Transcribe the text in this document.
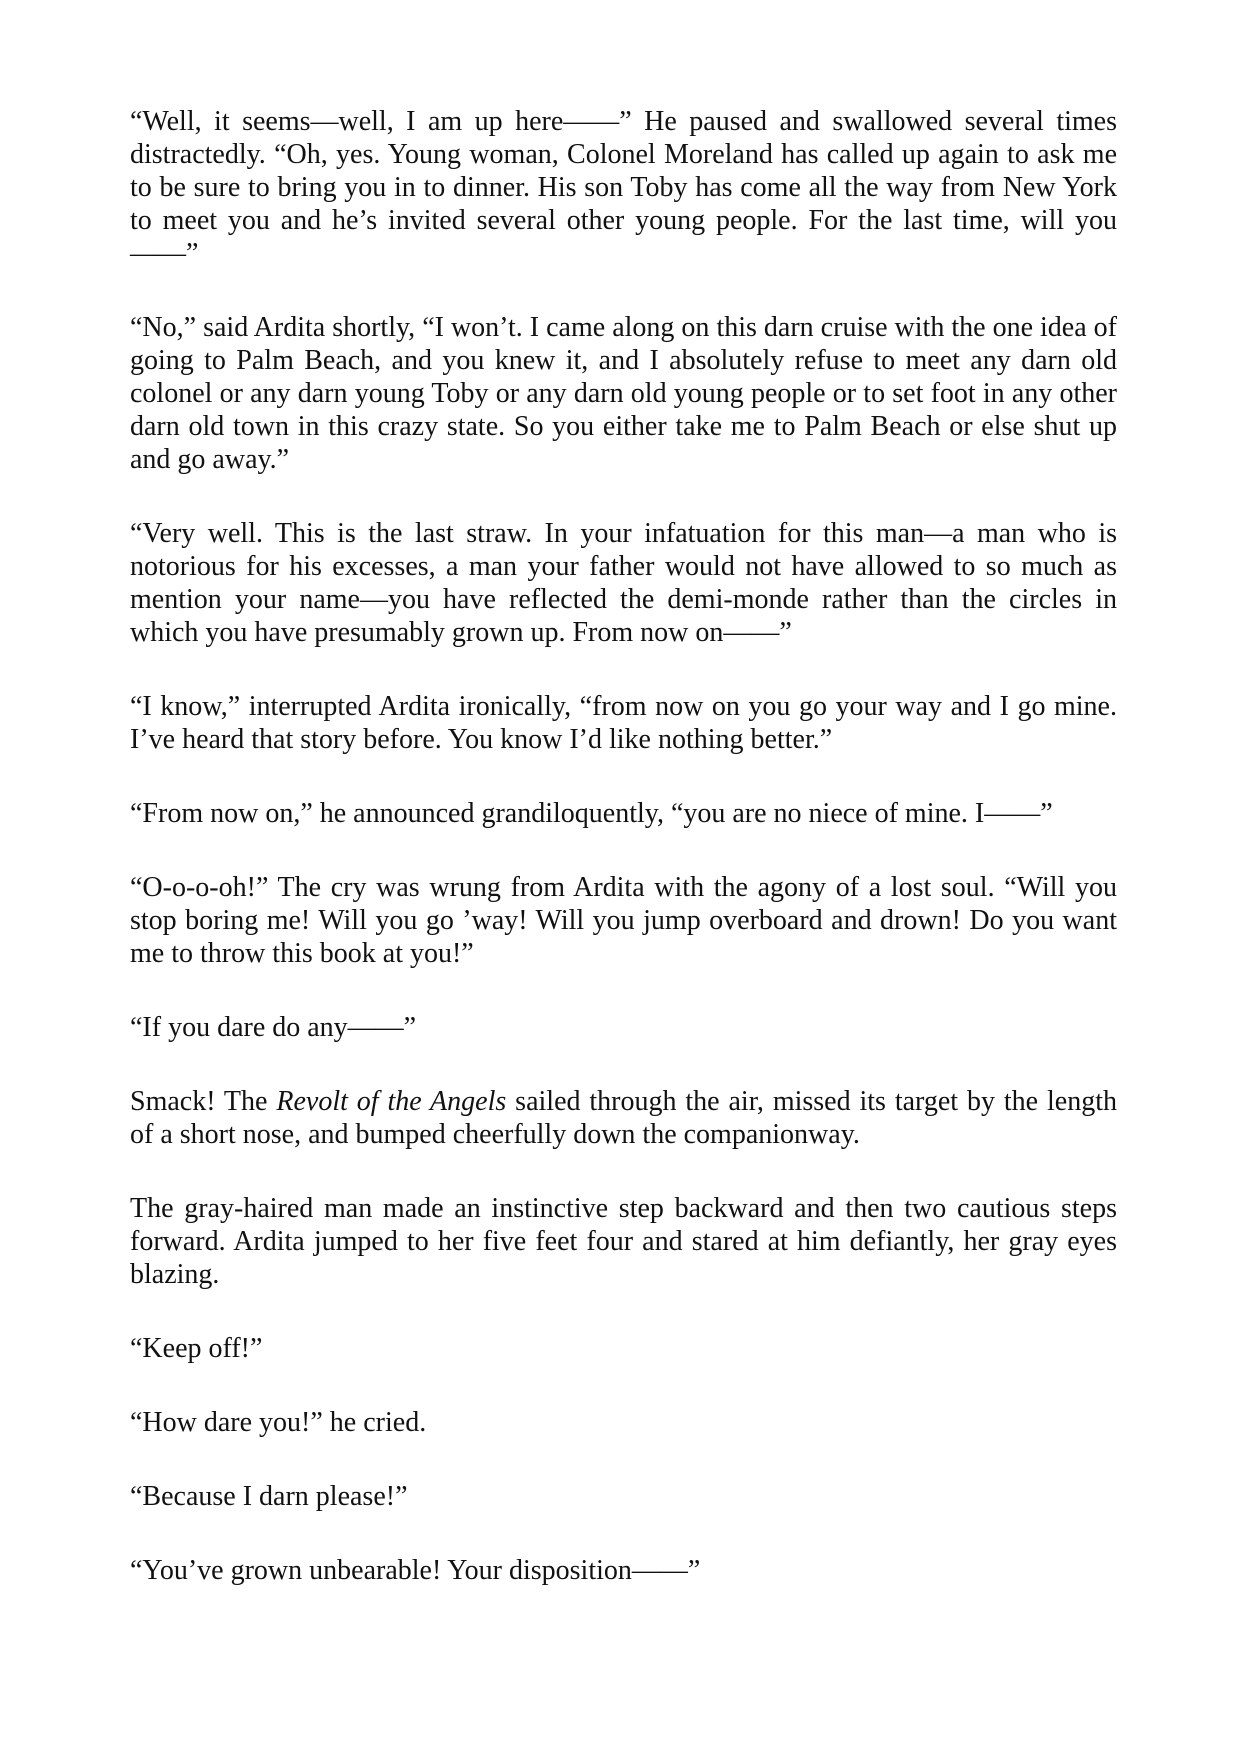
“Well, it seems—well, I am up here——” He paused and swallowed several times distractedly. “Oh, yes. Young woman, Colonel Moreland has called up again to ask me to be sure to bring you in to dinner. His son Toby has come all the way from New York to meet you and he’s invited several other young people. For the last time, will you——”

“No,” said Ardita shortly, “I won’t. I came along on this darn cruise with the one idea of going to Palm Beach, and you knew it, and I absolutely refuse to meet any darn old colonel or any darn young Toby or any darn old young people or to set foot in any other darn old town in this crazy state. So you either take me to Palm Beach or else shut up and go away.”

“Very well. This is the last straw. In your infatuation for this man—a man who is notorious for his excesses, a man your father would not have allowed to so much as mention your name—you have reflected the demi-monde rather than the circles in which you have presumably grown up. From now on——”

“I know,” interrupted Ardita ironically, “from now on you go your way and I go mine. I’ve heard that story before. You know I’d like nothing better.”

“From now on,” he announced grandiloquently, “you are no niece of mine. I——”

“O-o-o-oh!” The cry was wrung from Ardita with the agony of a lost soul. “Will you stop boring me! Will you go ’way! Will you jump overboard and drown! Do you want me to throw this book at you!”

“If you dare do any——”

Smack! The Revolt of the Angels sailed through the air, missed its target by the length of a short nose, and bumped cheerfully down the companionway.

The gray-haired man made an instinctive step backward and then two cautious steps forward. Ardita jumped to her five feet four and stared at him defiantly, her gray eyes blazing.

“Keep off!”

“How dare you!” he cried.

“Because I darn please!”

“You’ve grown unbearable! Your disposition——”
